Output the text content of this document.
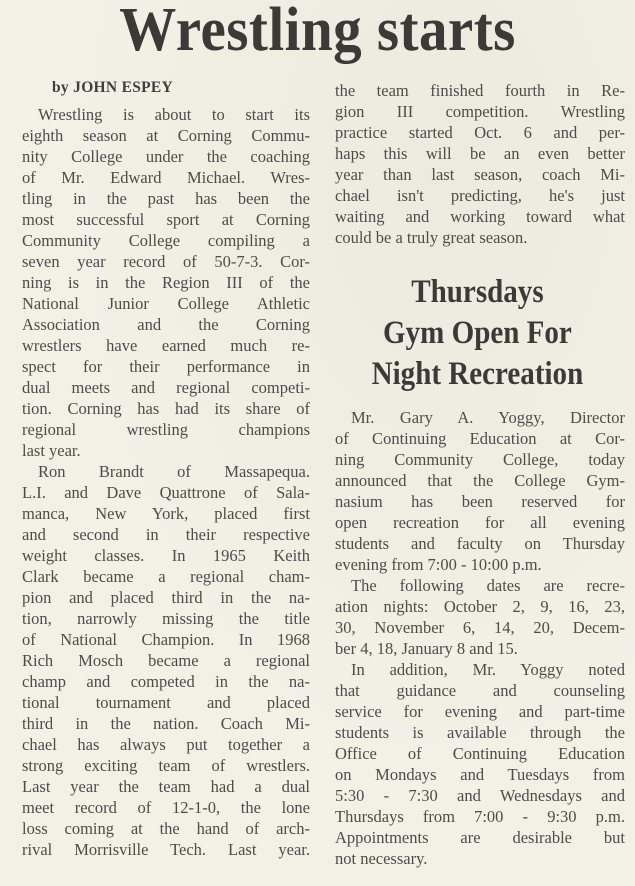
Wrestling starts
by JOHN ESPEY
Wrestling is about to start its
eighth season at Corning Commu-
nity College under the coaching
of Mr. Edward Michael. Wres-
tling in the past has been the
most successful sport at Corning
Community College compiling a
seven year record of 50-7-3. Cor-
ning is in the Region III of the
National Junior College Athletic
Association and the Corning
wrestlers have earned much re-
spect for their performance in
dual meets and regional competi-
tion. Corning has had its share of
regional wrestling champions
last year.
Ron Brandt of Massapequa.
L.I. and Dave Quattrone of Sala-
manca, New York, placed first
and second in their respective
weight classes. In 1965 Keith
Clark became a regional cham-
pion and placed third in the na-
tion, narrowly missing the title
of National Champion. In 1968
Rich Mosch became a regional
champ and competed in the na-
tional tournament and placed
third in the nation. Coach Mi-
chael has always put together a
strong exciting team of wrestlers.
Last year the team had a dual
meet record of 12-1-0, the lone
loss coming at the hand of arch-
rival Morrisville Tech. Last year.
the team finished fourth in Re-
gion III competition. Wrestling
practice started Oct. 6 and per-
haps this will be an even better
year than last season, coach Mi-
chael isn't predicting, he's just
waiting and working toward what
could be a truly great season.
Thursdays
Gym Open For
Night Recreation
Mr. Gary A. Yoggy, Director
of Continuing Education at Cor-
ning Community College, today
announced that the College Gym-
nasium has been reserved for
open recreation for all evening
students and faculty on Thursday
evening from 7:00 - 10:00 p.m.
The following dates are recre-
ation nights: October 2, 9, 16, 23,
30, November 6, 14, 20, Decem-
ber 4, 18, January 8 and 15.
In addition, Mr. Yoggy noted
that guidance and counseling
service for evening and part-time
students is available through the
Office of Continuing Education
on Mondays and Tuesdays from
5:30 - 7:30 and Wednesdays and
Thursdays from 7:00 - 9:30 p.m.
Appointments are desirable but
not necessary.
